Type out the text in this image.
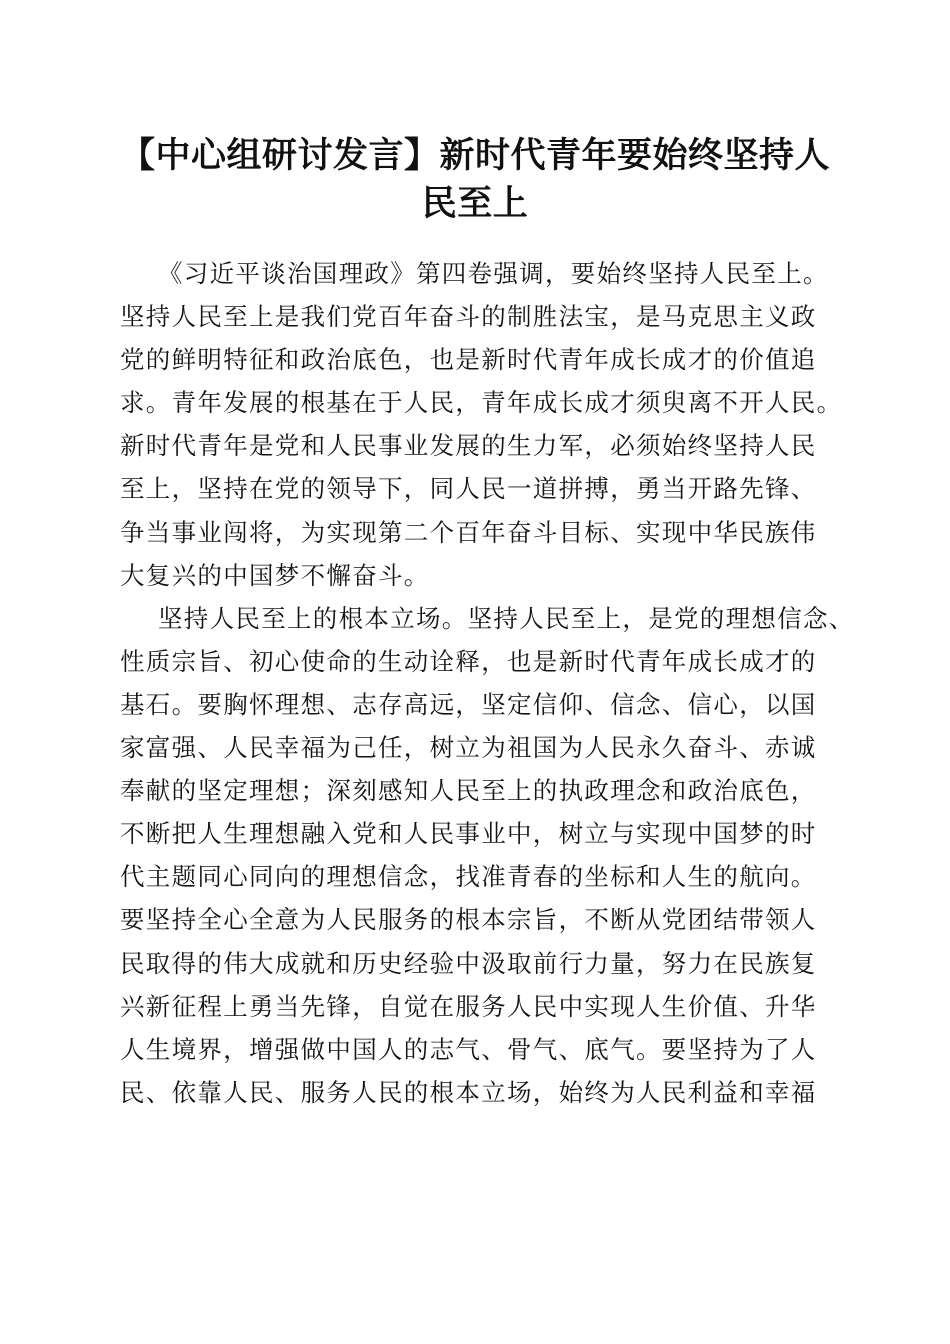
【中心组研讨发言】新时代青年要始终坚持人
民至上

《习近平谈治国理政》第四卷强调，要始终坚持人民至上。
坚持人民至上是我们党百年奋斗的制胜法宝，是马克思主义政
党的鲜明特征和政治底色，也是新时代青年成长成才的价值追
求。青年发展的根基在于人民，青年成长成才须臾离不开人民。
新时代青年是党和人民事业发展的生力军，必须始终坚持人民
至上，坚持在党的领导下，同人民一道拼搏，勇当开路先锋、
争当事业闯将，为实现第二个百年奋斗目标、实现中华民族伟
大复兴的中国梦不懈奋斗。

坚持人民至上的根本立场。坚持人民至上，是党的理想信念、
性质宗旨、初心使命的生动诠释，也是新时代青年成长成才的
基石。要胸怀理想、志存高远，坚定信仰、信念、信心，以国
家富强、人民幸福为己任，树立为祖国为人民永久奋斗、赤诚
奉献的坚定理想；深刻感知人民至上的执政理念和政治底色，
不断把人生理想融入党和人民事业中，树立与实现中国梦的时
代主题同心同向的理想信念，找准青春的坐标和人生的航向。
要坚持全心全意为人民服务的根本宗旨，不断从党团结带领人
民取得的伟大成就和历史经验中汲取前行力量，努力在民族复
兴新征程上勇当先锋，自觉在服务人民中实现人生价值、升华
人生境界，增强做中国人的志气、骨气、底气。要坚持为了人
民、依靠人民、服务人民的根本立场，始终为人民利益和幸福
